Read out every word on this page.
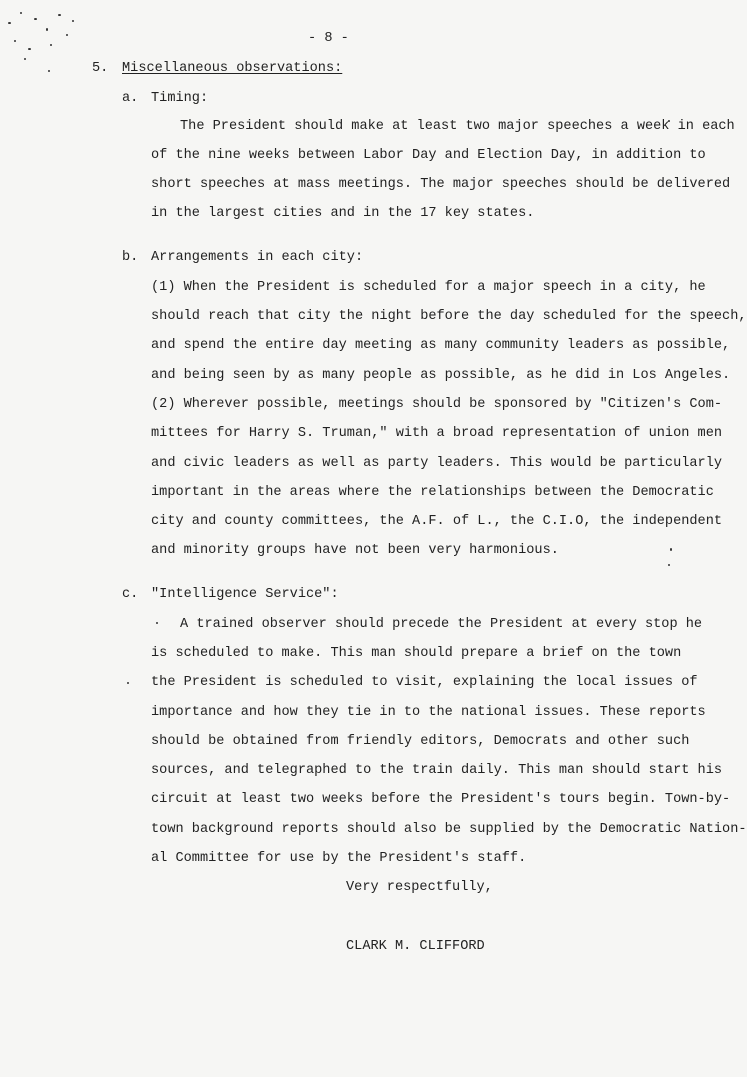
- 8 -
5. Miscellaneous observations:
a. Timing:
The President should make at least two major speeches a week in each
of the nine weeks between Labor Day and Election Day, in addition to
short speeches at mass meetings. The major speeches should be delivered
in the largest cities and in the 17 key states.
b. Arrangements in each city:
(1) When the President is scheduled for a major speech in a city, he
should reach that city the night before the day scheduled for the speech,
and spend the entire day meeting as many community leaders as possible,
and being seen by as many people as possible, as he did in Los Angeles.
(2) Wherever possible, meetings should be sponsored by "Citizen's Com-
mittees for Harry S. Truman," with a broad representation of union men
and civic leaders as well as party leaders. This would be particularly
important in the areas where the relationships between the Democratic
city and county committees, the A.F. of L., the C.I.O, the independent
and minority groups have not been very harmonious.
c. "Intelligence Service":
A trained observer should precede the President at every stop he
is scheduled to make. This man should prepare a brief on the town
the President is scheduled to visit, explaining the local issues of
importance and how they tie in to the national issues. These reports
should be obtained from friendly editors, Democrats and other such
sources, and telegraphed to the train daily. This man should start his
circuit at least two weeks before the President's tours begin. Town-by-
town background reports should also be supplied by the Democratic Nation-
al Committee for use by the President's staff.
Very respectfully,
CLARK M. CLIFFORD
